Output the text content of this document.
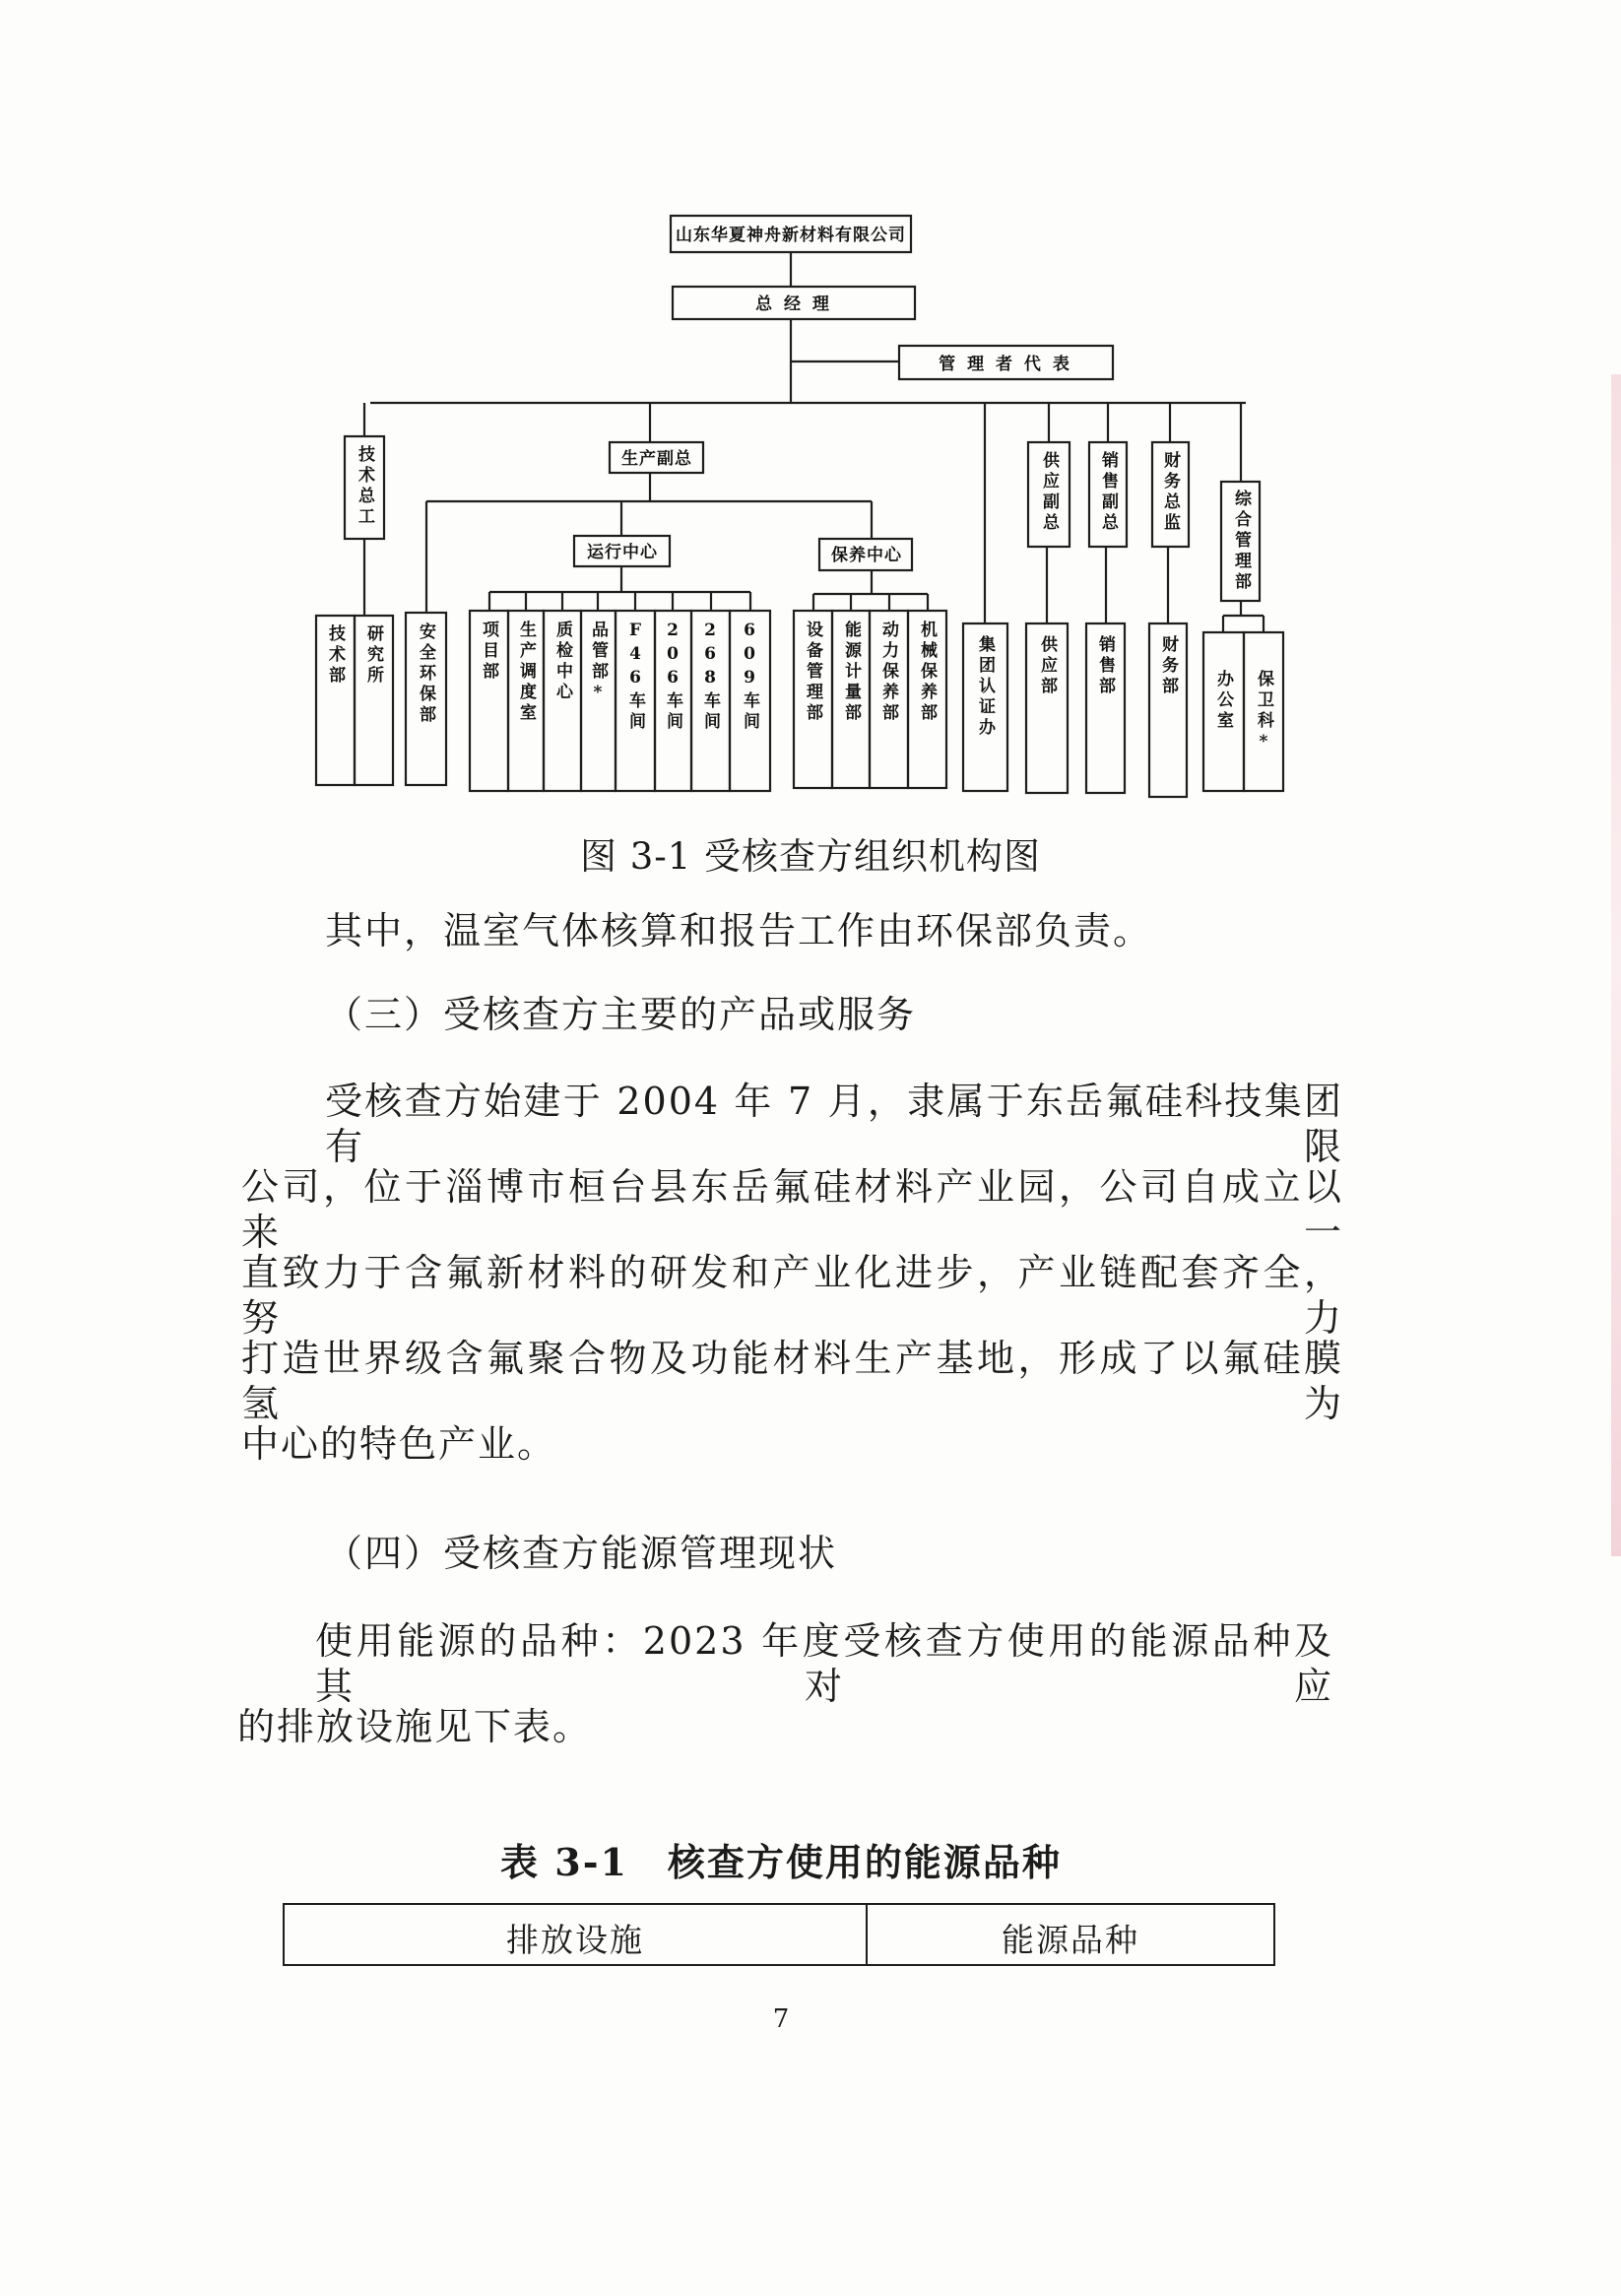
山东华夏神舟新材料有限公司
总 经 理
管 理 者 代 表
技术总工
技术部 研究所
生产副总
安全环保部
运行中心	保养中心
项目部 生产调度室 质检中心 品管部* F46车间 206车间 268车间 609车间	设备管理部 能源计量部 动力保养部 机械保养部 集团认证办
供应副总
供应部
销售副总
销售部
财务总监
财务部
综合管理部
办公室 保卫科*
图 3-1 受核查方组织机构图
其中，温室气体核算和报告工作由环保部负责。
（三）受核查方主要的产品或服务
受核查方始建于 2004 年 7 月，隶属于东岳氟硅科技集团有限
公司，位于淄博市桓台县东岳氟硅材料产业园，公司自成立以来一
直致力于含氟新材料的研发和产业化进步，产业链配套齐全，努力
打造世界级含氟聚合物及功能材料生产基地，形成了以氟硅膜氢为
中心的特色产业。
（四）受核查方能源管理现状
使用能源的品种：2023 年度受核查方使用的能源品种及其对应
的排放设施见下表。
表 3-1　核查方使用的能源品种
排放设施	能源品种
7
